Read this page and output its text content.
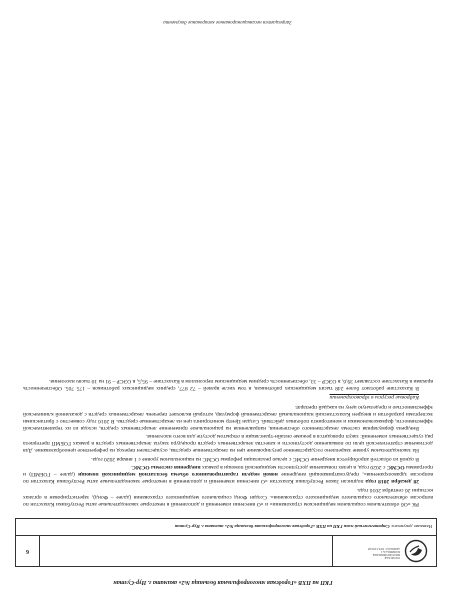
ГКП на ПХВ «Городская многопрофильная больница №2» акимата г. Нур-Султан
ГОРОДСКАЯ
МНОГОПРОФИЛЬНАЯ
БОЛЬНИЦА № 2
АКИМАТА Г. НУР-СУЛТАН
6
Название документа: Стратегический план ГКП на ПХВ «Городская многопрофильная больница №2» акимата г. Нур-Султан

РК «Об обязательном социальном медицинском страховании» и «О внесении изменений и дополнений в некоторые законодательные акты Республики Казахстан по вопросам обязательного социального медицинского страхования». Создан Фонд социального медицинского страхования (далее – Фонд), зарегистрирован в органах юстиции 26 сентября 2016 года.

28 декабря 2018 года подписан Закон Республики Казахстан «О внесении изменений и дополнений в некоторые законодательные акты Республики Казахстан по вопросам здравоохранения», предусматривающий внедрение новой модели гарантированного объема бесплатной медицинской помощи (далее – ГОБМП) и программы ОСМС с 2020 года, в целях повышения доступности медицинской помощи в рамках внедрения системы ОСМС.

В одной из областей апробируется внедрение ОСМС с целью реализации реформы ОСМС на национальном уровне с 1 января 2020 года.

На законодательном уровне закреплено государственное регулирование цен на лекарственные средства, осуществлен переход на референтное ценообразование. Для достижения стратегической цели по повышению доступности и качества лекарственных средств процедура закупа лекарственных средств в рамках ГОБМП претерпела ряд существенных изменений: закуп проводится в режиме онлайн-трансляции в открытом доступе для всего населения.

Внедрена формулярная система лекарственного обеспечения, направленная на рациональное применение лекарственных средств, исходя из их терапевтической эффективности, фармакоэкономики и мониторинга побочных действий. Создан Центр мониторинга цен на лекарственные средства. В 2016 году совместно с британскими экспертами разработан и внедрен Казахстанский национальный лекарственный формуляр, который включает перечень лекарственных средств с доказанной клинической эффективностью и предельную цену на каждый препарат.

Кадровые ресурсы в здравоохранении

В Казахстане работают более 248 тысяч медицинских работников, в том числе врачей – 72 877, средних медицинских работников – 175 705. Обеспеченность врачами в Казахстане составляет 39,6, в ОЭСР – 33, обеспеченность средним медицинским персоналом в Казахстане – 95,5, в ОЭСР – 91 на 10 тысяч населения.

Запрещается несанкционированное копирование документа
